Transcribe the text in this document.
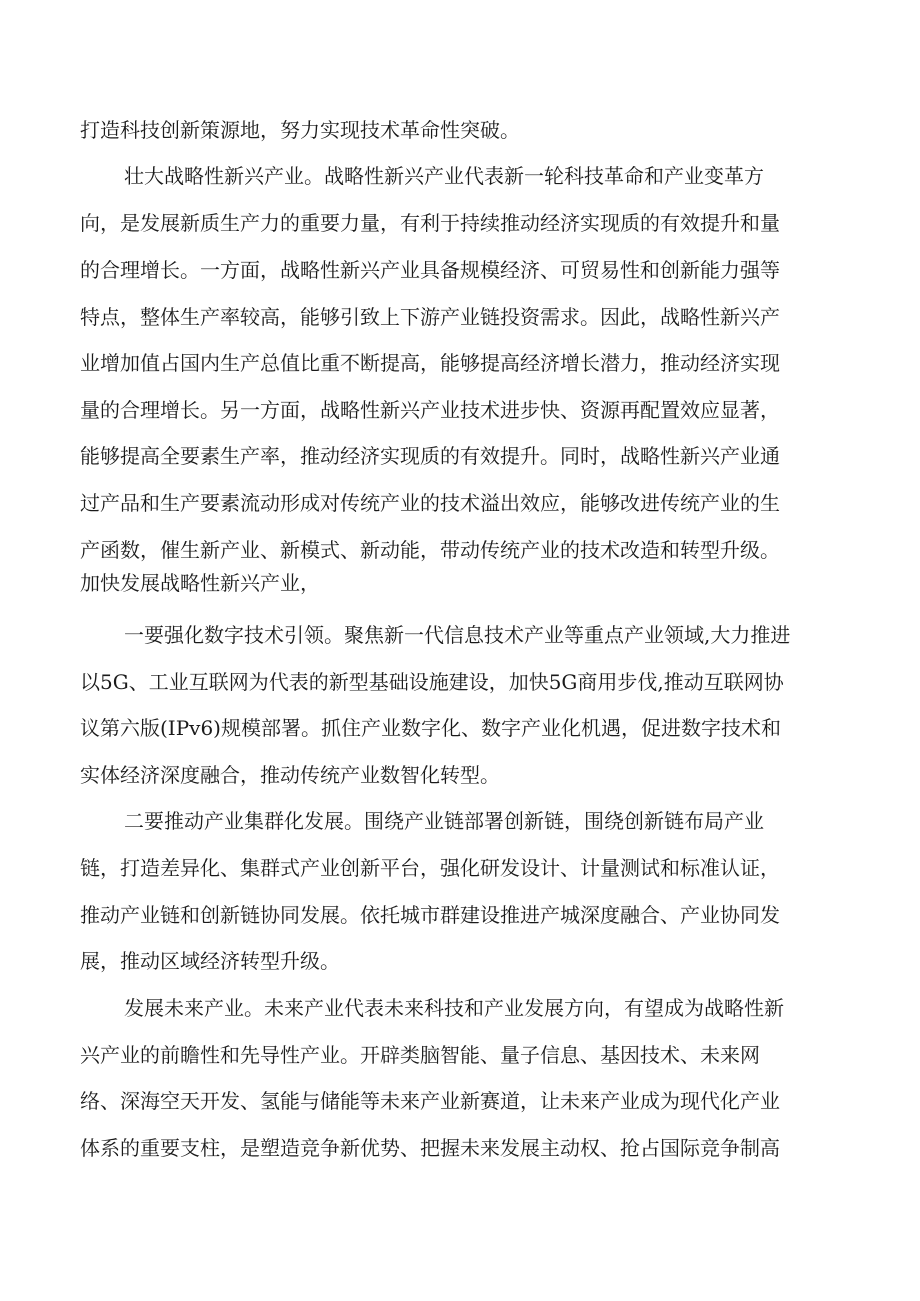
打造科技创新策源地，努力实现技术革命性突破。
壮大战略性新兴产业。战略性新兴产业代表新一轮科技革命和产业变革方
向，是发展新质生产力的重要力量，有利于持续推动经济实现质的有效提升和量
的合理增长。一方面，战略性新兴产业具备规模经济、可贸易性和创新能力强等
特点，整体生产率较高，能够引致上下游产业链投资需求。因此，战略性新兴产
业增加值占国内生产总值比重不断提高，能够提高经济增长潜力，推动经济实现
量的合理增长。另一方面，战略性新兴产业技术进步快、资源再配置效应显著，
能够提高全要素生产率，推动经济实现质的有效提升。同时，战略性新兴产业通
过产品和生产要素流动形成对传统产业的技术溢出效应，能够改进传统产业的生
产函数，催生新产业、新模式、新动能，带动传统产业的技术改造和转型升级。
加快发展战略性新兴产业，
一要强化数字技术引领。聚焦新一代信息技术产业等重点产业领域,大力推进
以5G、工业互联网为代表的新型基础设施建设，加快5G商用步伐,推动互联网协
议第六版(IPv6)规模部署。抓住产业数字化、数字产业化机遇，促进数字技术和
实体经济深度融合，推动传统产业数智化转型。
二要推动产业集群化发展。围绕产业链部署创新链，围绕创新链布局产业
链，打造差异化、集群式产业创新平台，强化研发设计、计量测试和标准认证，
推动产业链和创新链协同发展。依托城市群建设推进产城深度融合、产业协同发
展，推动区域经济转型升级。
发展未来产业。未来产业代表未来科技和产业发展方向，有望成为战略性新
兴产业的前瞻性和先导性产业。开辟类脑智能、量子信息、基因技术、未来网
络、深海空天开发、氢能与储能等未来产业新赛道，让未来产业成为现代化产业
体系的重要支柱，是塑造竞争新优势、把握未来发展主动权、抢占国际竞争制高
